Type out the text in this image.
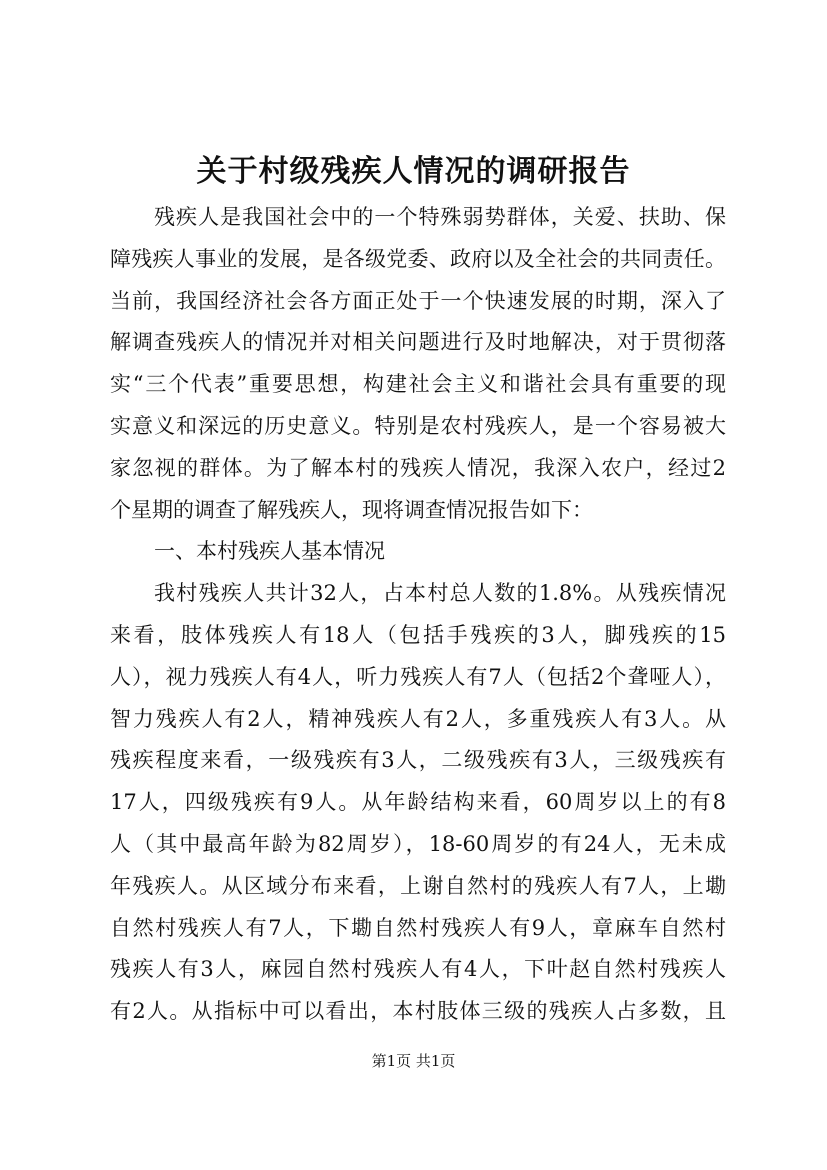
关于村级残疾人情况的调研报告
残疾人是我国社会中的一个特殊弱势群体，关爱、扶助、保
障残疾人事业的发展，是各级党委、政府以及全社会的共同责任。
当前，我国经济社会各方面正处于一个快速发展的时期，深入了
解调查残疾人的情况并对相关问题进行及时地解决，对于贯彻落
实“三个代表”重要思想，构建社会主义和谐社会具有重要的现
实意义和深远的历史意义。特别是农村残疾人，是一个容易被大
家忽视的群体。为了解本村的残疾人情况，我深入农户，经过2
个星期的调查了解残疾人，现将调查情况报告如下：
一、本村残疾人基本情况
我村残疾人共计32人，占本村总人数的1.8%。从残疾情况
来看，肢体残疾人有18人（包括手残疾的3人，脚残疾的15
人），视力残疾人有4人，听力残疾人有7人（包括2个聋哑人），
智力残疾人有2人，精神残疾人有2人，多重残疾人有3人。从
残疾程度来看，一级残疾有3人，二级残疾有3人，三级残疾有
17人，四级残疾有9人。从年龄结构来看，60周岁以上的有8
人（其中最高年龄为82周岁），18-60周岁的有24人，无未成
年残疾人。从区域分布来看，上谢自然村的残疾人有7人，上墈
自然村残疾人有7人，下墈自然村残疾人有9人，章麻车自然村
残疾人有3人，麻园自然村残疾人有4人，下叶赵自然村残疾人
有2人。从指标中可以看出，本村肢体三级的残疾人占多数，且
第1页 共1页
